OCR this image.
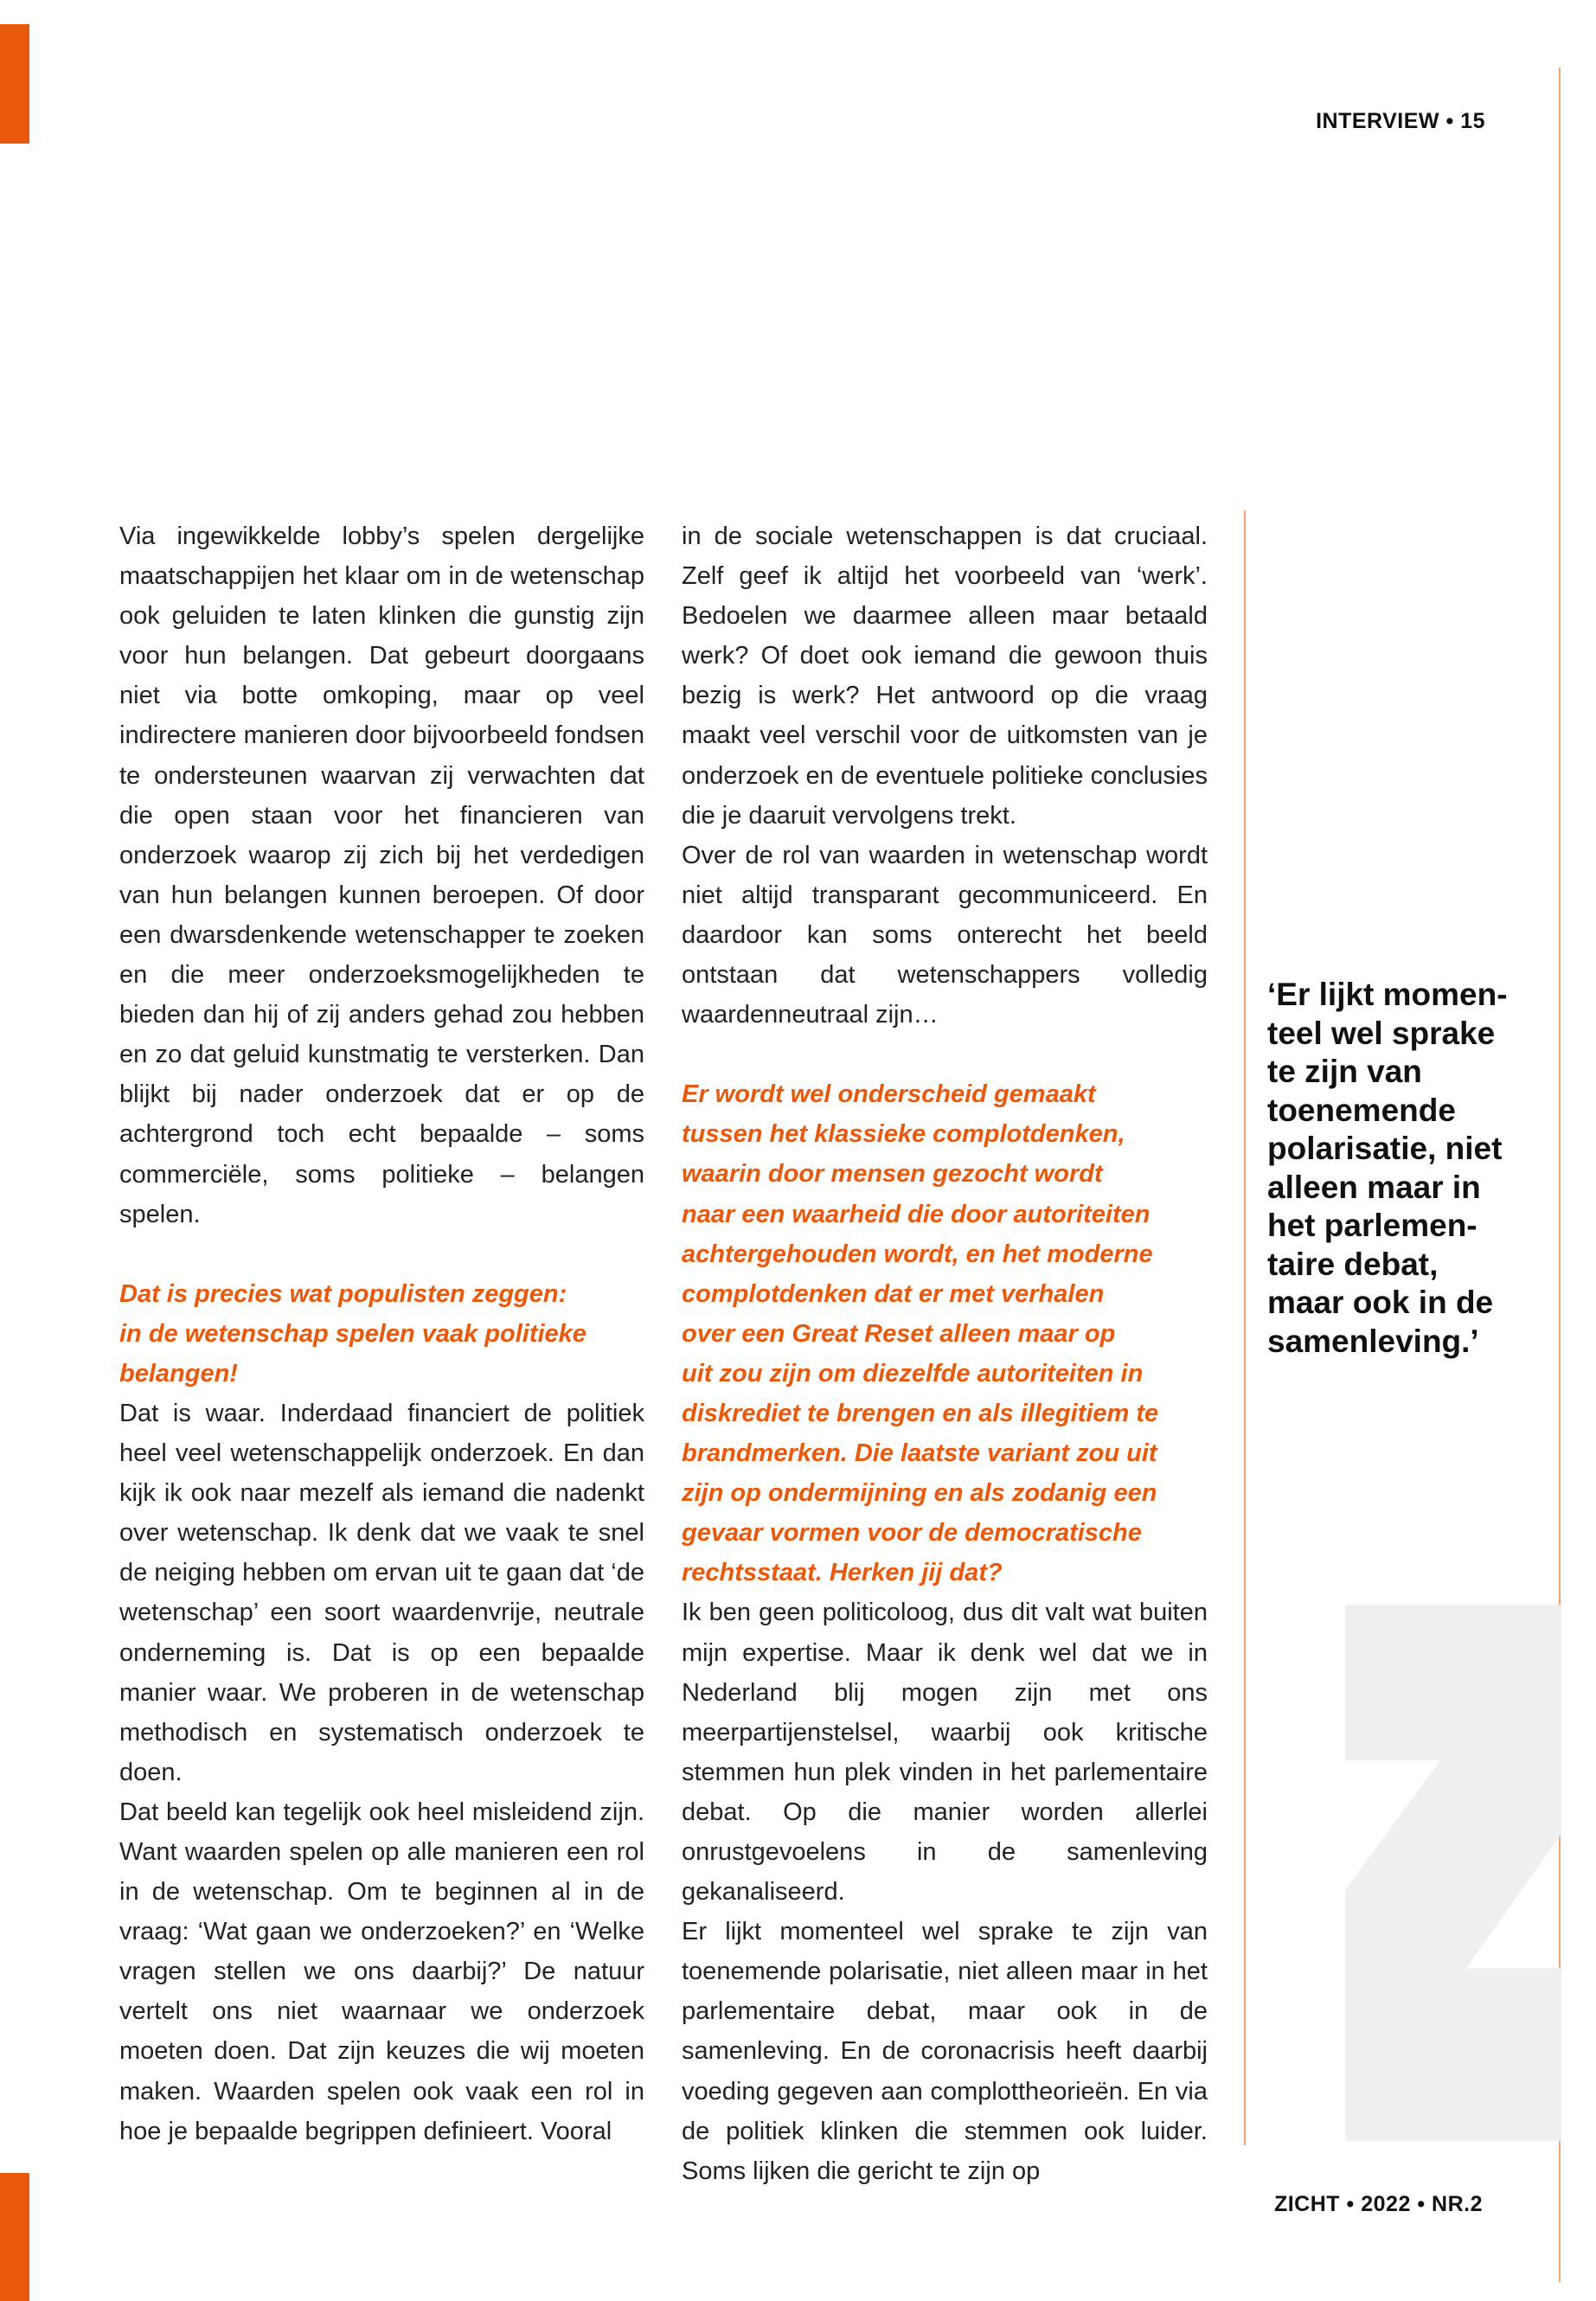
INTERVIEW • 15

Via ingewikkelde lobby’s spelen dergelijke maatschappijen het klaar om in de wetenschap ook geluiden te laten klinken die gunstig zijn voor hun belangen. Dat gebeurt doorgaans niet via botte omkoping, maar op veel indirectere manieren door bijvoorbeeld fondsen te ondersteunen waarvan zij verwachten dat die open staan voor het financieren van onderzoek waarop zij zich bij het verdedigen van hun belangen kunnen beroepen. Of door een dwarsdenkende wetenschapper te zoeken en die meer onderzoeksmogelijkheden te bieden dan hij of zij anders gehad zou hebben en zo dat geluid kunstmatig te versterken. Dan blijkt bij nader onderzoek dat er op de achtergrond toch echt bepaalde – soms commerciële, soms politieke – belangen spelen.

Dat is precies wat populisten zeggen:
in de wetenschap spelen vaak politieke
belangen!

Dat is waar. Inderdaad financiert de politiek heel veel wetenschappelijk onderzoek. En dan kijk ik ook naar mezelf als iemand die nadenkt over wetenschap. Ik denk dat we vaak te snel de neiging hebben om ervan uit te gaan dat ‘de wetenschap’ een soort waardenvrije, neutrale onderneming is. Dat is op een bepaalde manier waar. We proberen in de wetenschap methodisch en systematisch onderzoek te doen.

Dat beeld kan tegelijk ook heel misleidend zijn. Want waarden spelen op alle manieren een rol in de wetenschap. Om te beginnen al in de vraag: ‘Wat gaan we onderzoeken?’ en ‘Welke vragen stellen we ons daarbij?’ De natuur vertelt ons niet waarnaar we onderzoek moeten doen. Dat zijn keuzes die wij moeten maken. Waarden spelen ook vaak een rol in hoe je bepaalde begrippen definieert. Vooral

in de sociale wetenschappen is dat cruciaal. Zelf geef ik altijd het voorbeeld van ‘werk’. Bedoelen we daarmee alleen maar betaald werk? Of doet ook iemand die gewoon thuis bezig is werk? Het antwoord op die vraag maakt veel verschil voor de uitkomsten van je onderzoek en de eventuele politieke conclusies die je daaruit vervolgens trekt.

Over de rol van waarden in wetenschap wordt niet altijd transparant gecommuniceerd. En daardoor kan soms onterecht het beeld ontstaan dat wetenschappers volledig waardenneutraal zijn…

Er wordt wel onderscheid gemaakt
tussen het klassieke complotdenken,
waarin door mensen gezocht wordt
naar een waarheid die door autoriteiten
achtergehouden wordt, en het moderne
complotdenken dat er met verhalen
over een Great Reset alleen maar op
uit zou zijn om diezelfde autoriteiten in
diskrediet te brengen en als illegitiem te
brandmerken. Die laatste variant zou uit
zijn op ondermijning en als zodanig een
gevaar vormen voor de democratische
rechtsstaat. Herken jij dat?

Ik ben geen politicoloog, dus dit valt wat buiten mijn expertise. Maar ik denk wel dat we in Nederland blij mogen zijn met ons meerpartijenstelsel, waarbij ook kritische stemmen hun plek vinden in het parlementaire debat. Op die manier worden allerlei onrustgevoelens in de samenleving gekanaliseerd.

Er lijkt momenteel wel sprake te zijn van toenemende polarisatie, niet alleen maar in het parlementaire debat, maar ook in de samenleving. En de coronacrisis heeft daarbij voeding gegeven aan complottheorieën. En via de politiek klinken die stemmen ook luider. Soms lijken die gericht te zijn op

‘Er lijkt momen-
teel wel sprake
te zijn van
toenemende
polarisatie, niet
alleen maar in
het parlemen-
taire debat,
maar ook in de
samenleving.’
ZICHT • 2022 • NR.2
